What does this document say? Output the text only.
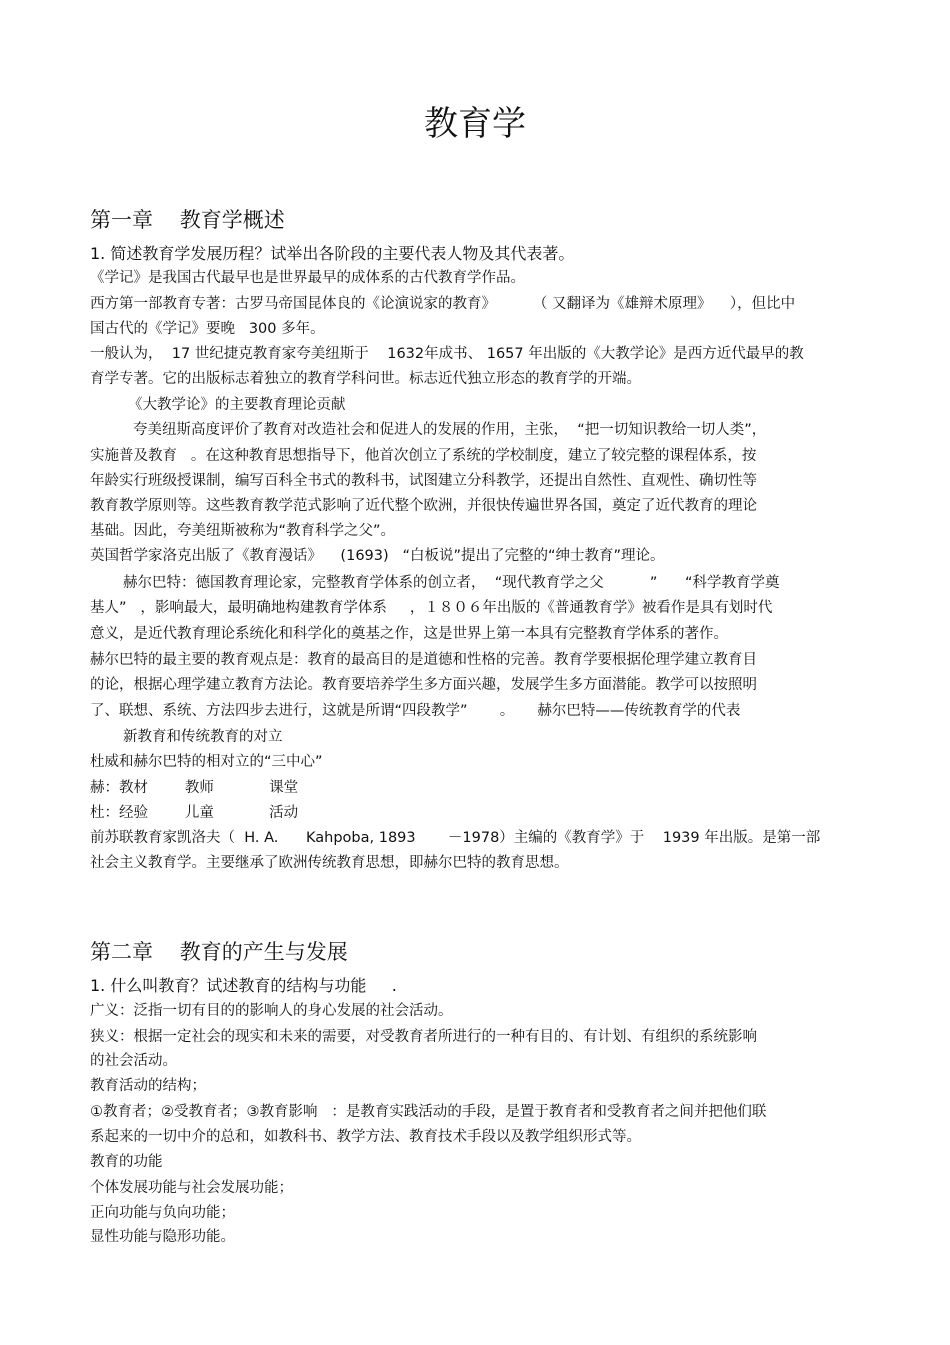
教育学
第一章    教育学概述
1. 简述教育学发展历程？试举出各阶段的主要代表人物及其代表著。
《学记》是我国古代最早也是世界最早的成体系的古代教育学作品。
西方第一部教育专著：古罗马帝国昆体良的《论演说家的教育》        （ 又翻译为《雄辩术原理》    ），但比中
国古代的《学记》要晚   300 多年。
一般认为，  17 世纪捷克教育家夸美纽斯于    1632年成书、 1657 年出版的《大教学论》是西方近代最早的教
育学专著。它的出版标志着独立的教育学科问世。标志近代独立形态的教育学的开端。
《大教学论》的主要教育理论贡献
夸美纽斯高度评价了教育对改造社会和促进人的发展的作用，主张，  “把一切知识教给一切人类”，
实施普及教育   。在这种教育思想指导下，他首次创立了系统的学校制度，建立了较完整的课程体系，按
年龄实行班级授课制，编写百科全书式的教科书，试图建立分科教学，还提出自然性、直观性、确切性等
教育教学原则等。这些教育教学范式影响了近代整个欧洲，并很快传遍世界各国，奠定了近代教育的理论
基础。因此，夸美纽斯被称为“教育科学之父”。
英国哲学家洛克出版了《教育漫话》    (1693)   “白板说”提出了完整的“绅士教育”理论。
赫尔巴特：德国教育理论家，完整教育学体系的创立者，  “现代教育学之父          ”      “科学教育学奠
基人”   ，影响最大，最明确地构建教育学体系     ，１８０６年出版的《普通教育学》被看作是具有划时代
意义，是近代教育理论系统化和科学化的奠基之作，这是世界上第一本具有完整教育学体系的著作。
赫尔巴特的最主要的教育观点是：教育的最高目的是道德和性格的完善。教育学要根据伦理学建立教育目
的论，根据心理学建立教育方法论。教育要培养学生多方面兴趣，发展学生多方面潜能。教学可以按照明
了、联想、系统、方法四步去进行，这就是所谓“四段教学”       。     赫尔巴特——传统教育学的代表
新教育和传统教育的对立
杜威和赫尔巴特的相对立的“三中心”
赫：教材        教师            课堂
杜：经验        儿童            活动
前苏联教育家凯洛夫（  H. A.      Kahpoba, 1893       －1978）主编的《教育学》于    1939 年出版。是第一部
社会主义教育学。主要继承了欧洲传统教育思想，即赫尔巴特的教育思想。
第二章    教育的产生与发展
1. 什么叫教育？试述教育的结构与功能     .
广义：泛指一切有目的的影响人的身心发展的社会活动。
狭义：根据一定社会的现实和未来的需要，对受教育者所进行的一种有目的、有计划、有组织的系统影响
的社会活动。
教育活动的结构；
①教育者；②受教育者；③教育影响   ：是教育实践活动的手段，是置于教育者和受教育者之间并把他们联
系起来的一切中介的总和，如教科书、教学方法、教育技术手段以及教学组织形式等。
教育的功能
个体发展功能与社会发展功能；
正向功能与负向功能；
显性功能与隐形功能。
